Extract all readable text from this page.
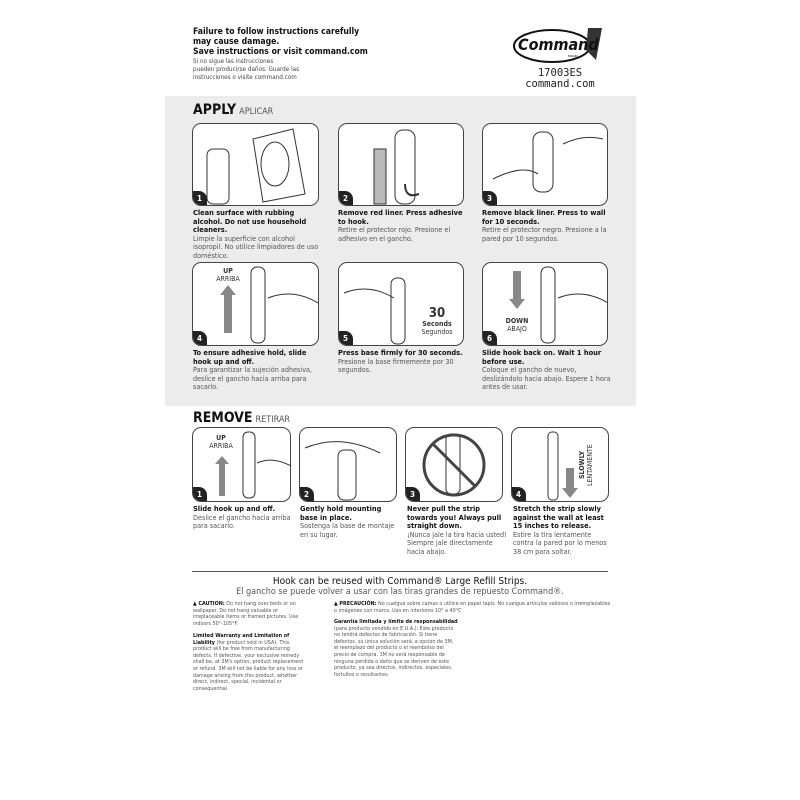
Failure to follow instructions carefully
may cause damage.
Save instructions or visit command.com
Si no sigue las instrucciones
pueden producirse daños. Guarde las
instrucciones o visite command.com
Command
BRAND
17003ES
command.com
APPLY APLICAR
1	2	3
Clean surface with rubbing alcohol. Do not use household cleaners.
Limpie la superficie con alcohol isopropil. No utilice limpiadores de uso doméstico.
Remove red liner. Press adhesive to hook.
Retire el protector rojo. Presione el adhesivo en el gancho.
Remove black liner. Press to wall for 10 seconds.
Retire el protector negro. Presione a la pared por 10 segundos.
UP
ARRIBA
4
30
Seconds
Segundos
5
DOWN
ABAJO
6
To ensure adhesive hold, slide hook up and off.
Para garantizar la sujeción adhesiva, deslice el gancho hacia arriba para sacarlo.
Press base firmly for 30 seconds.
Presione la base firmemente por 30 segundos.
Slide hook back on. Wait 1 hour before use.
Coloque el gancho de nuevo, deslizándolo hacia abajo. Espere 1 hora antes de usar.
REMOVE RETIRAR
UP
ARRIBA
1	2	3
SLOWLY LENTAMENTE
4
Slide hook up and off.
Deslice el gancho hacia arriba para sacarlo.
Gently hold mounting base in place.
Sostenga la base de montaje en su lugar.
Never pull the strip towards you! Always pull straight down.
¡Nunca jale la tira hacia usted! Siempre jale directamente hacia abajo.
Stretch the strip slowly against the wall at least 15 inches to release.
Estire la tira lentamente contra la pared por lo menos 38 cm para soltar.
Hook can be reused with Command® Large Refill Strips.
El gancho se puede volver a usar con las tiras grandes de repuesto Command®.
▲ CAUTION: Do not hang over beds or on wallpaper. Do not hang valuable or irreplaceable items or framed pictures. Use indoors 50°-105°F.
Limited Warranty and Limitation of Liability (for product sold in USA): This product will be free from manufacturing defects. If defective, your exclusive remedy shall be, at 3M's option, product replacement or refund. 3M will not be liable for any loss or damage arising from this product, whether direct, indirect, special, incidental or consequential.
▲ PRECAUCIÓN: No cuelgue sobre camas o utilice en papel tapiz. No cuelgue artículos valiosos o irremplazables o imágenes con marco. Uso en interiores 10° a 40°C
Garantía limitada y límite de responsabilidad (para producto vendido en E.U.A.): Este producto no tendrá defectos de fabricación. Si tiene defectos, su única solución será, a opción de 3M, el reemplazo del producto o el reembolso del precio de compra. 3M no será responsable de ninguna pérdida o daño que se deriven de este producto, ya sea directos, indirectos, especiales, fortuitos o resultantes.
